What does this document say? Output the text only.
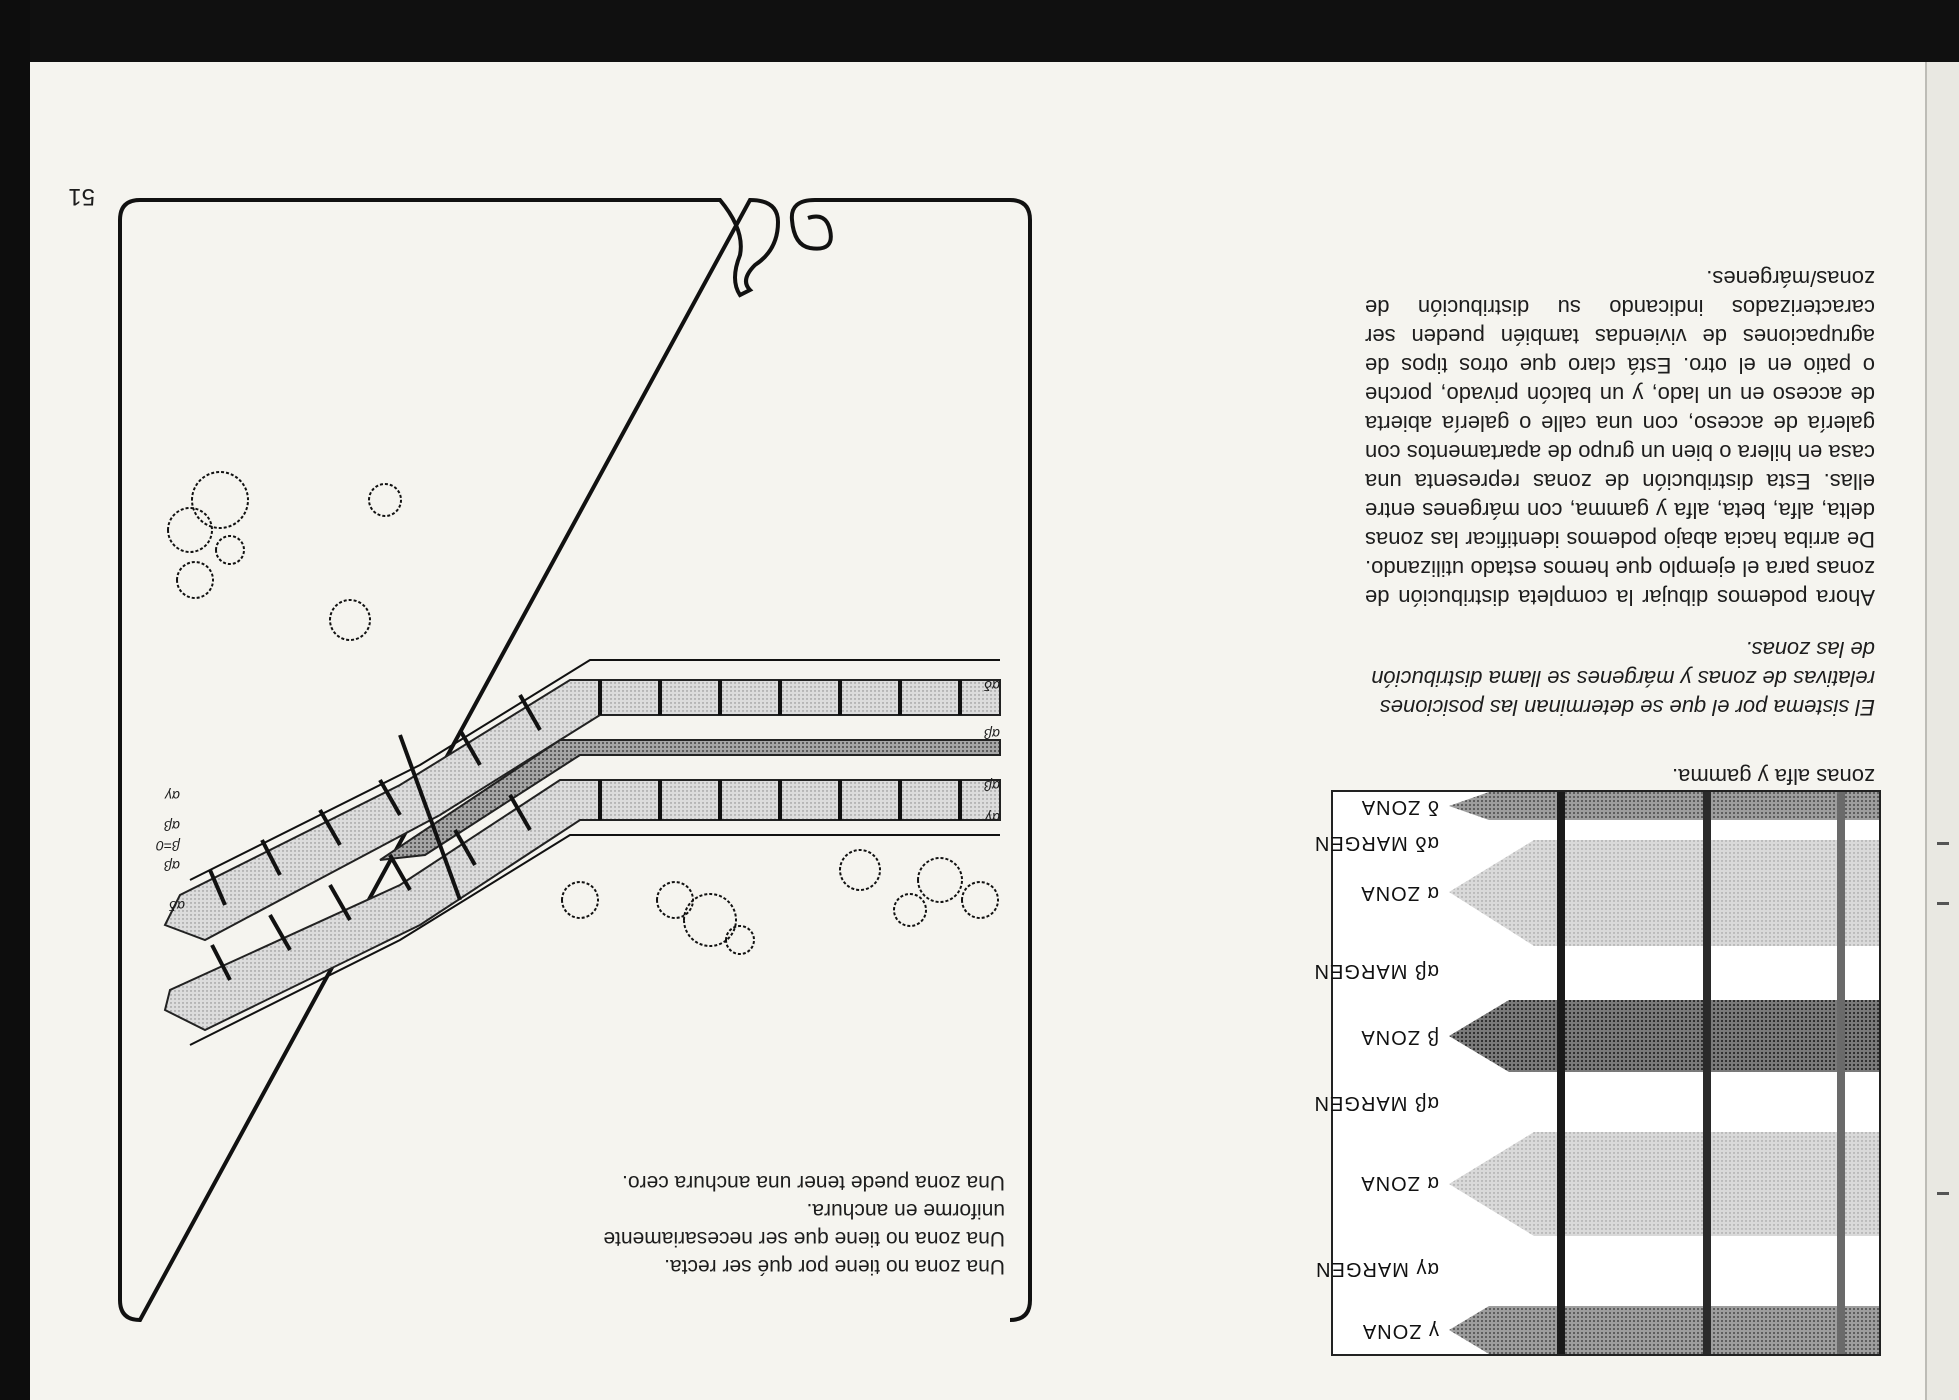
zonas alfa y gamma.
El sistema por el que se determinan las posiciones relativas de zonas y márgenes se llama distribución de las zonas.
Ahora podemos dibujar la completa distribución de zonas para el ejemplo que hemos estado utilizando. De arriba hacia abajo podemos identificar las zonas delta, alfa, beta, alfa y gamma, con márgenes entre ellas. Esta distribución de zonas representa una casa en hilera o bien un grupo de apartamentos con galería de acceso, con una calle o galería abierta de acceso en un lado, y un balcón privado, porche o patio en el otro. Está claro que otros tipos de agrupaciones de viviendas también pueden ser caracterizados indicando su distribución de zonas/márgenes.
γ ZONA
αγ MARGEN
α ZONA
αβ MARGEN
β ZONA
αβ MARGEN
α ZONA
αδ MARGEN
δ ZONA
Una zona no tiene por qué ser recta.
Una zona no tiene que ser necesariamente
uniforme en anchura.
Una zona puede tener una anchura cero.
αγ
αβ
αβ
αδ
αδ
αβ
β=0
αβ
αγ
51
